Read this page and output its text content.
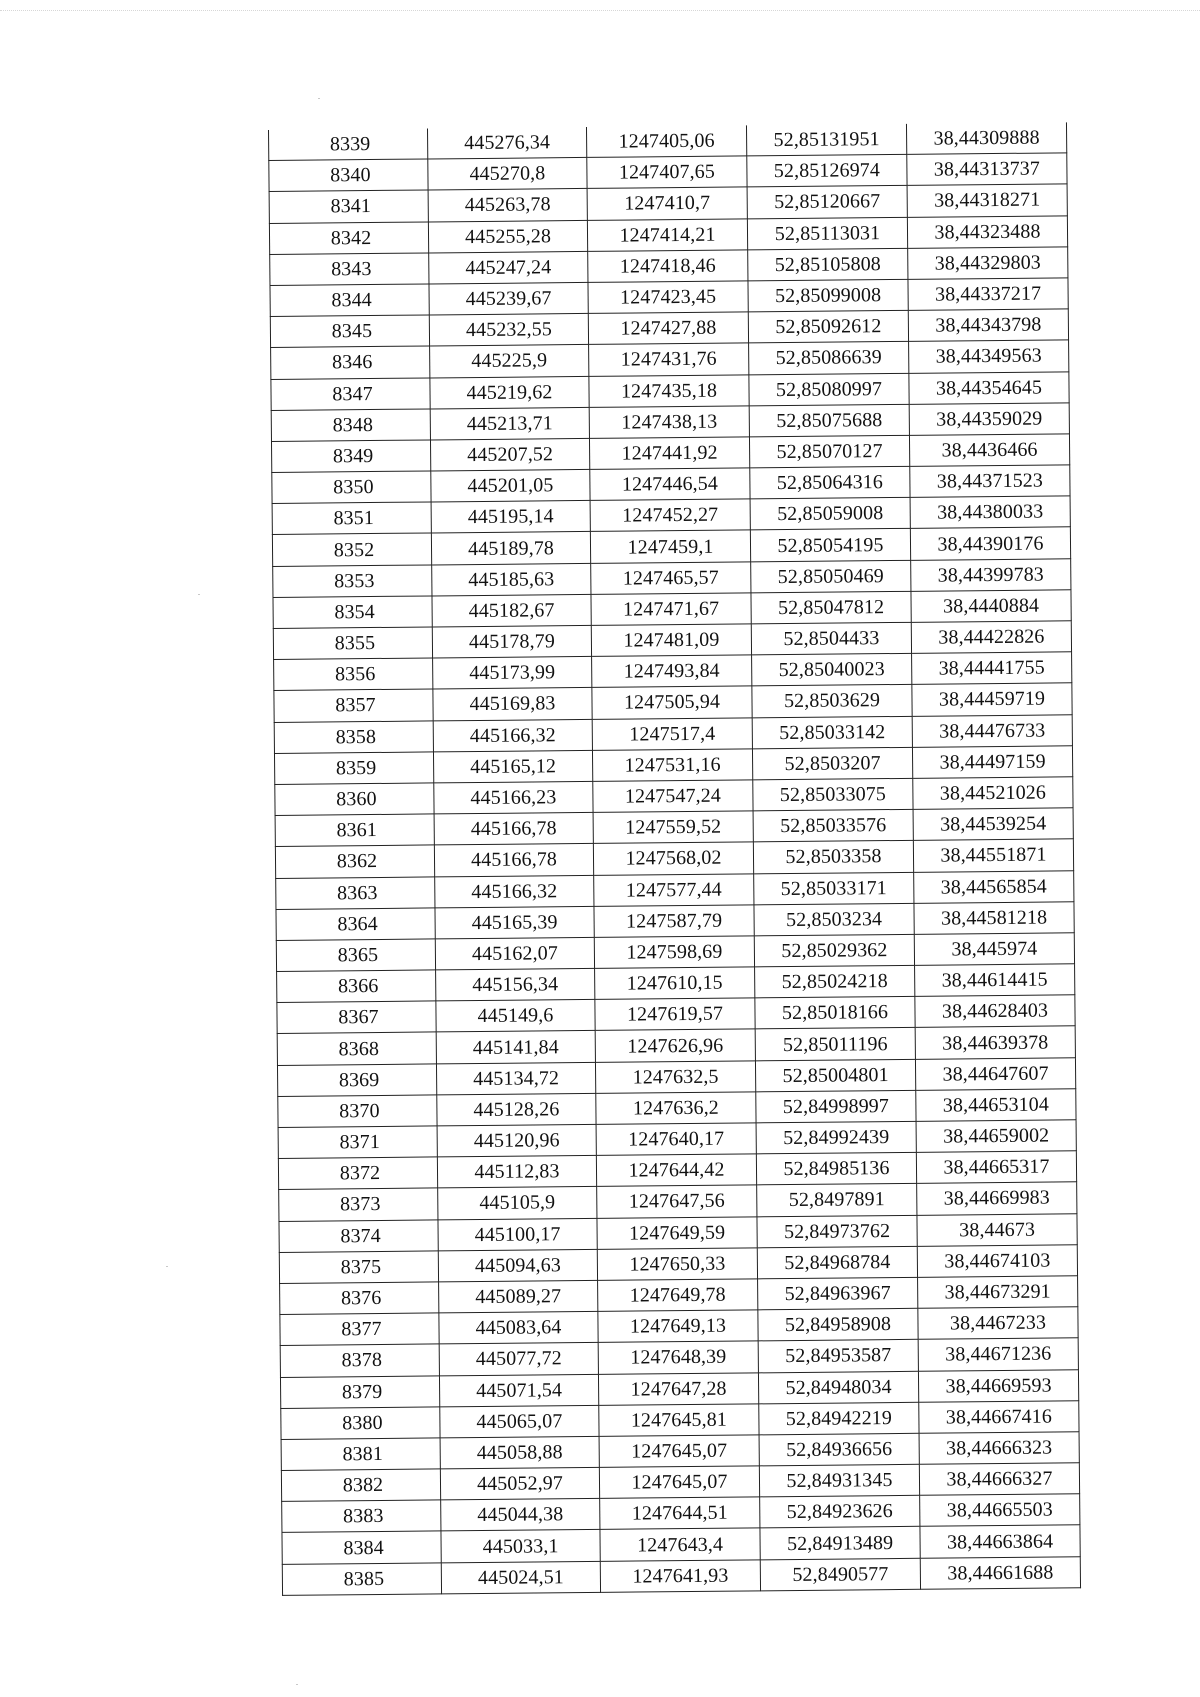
8339	445276,34	1247405,06	52,85131951	38,44309888
8340	445270,8	1247407,65	52,85126974	38,44313737
8341	445263,78	1247410,7	52,85120667	38,44318271
8342	445255,28	1247414,21	52,85113031	38,44323488
8343	445247,24	1247418,46	52,85105808	38,44329803
8344	445239,67	1247423,45	52,85099008	38,44337217
8345	445232,55	1247427,88	52,85092612	38,44343798
8346	445225,9	1247431,76	52,85086639	38,44349563
8347	445219,62	1247435,18	52,85080997	38,44354645
8348	445213,71	1247438,13	52,85075688	38,44359029
8349	445207,52	1247441,92	52,85070127	38,4436466
8350	445201,05	1247446,54	52,85064316	38,44371523
8351	445195,14	1247452,27	52,85059008	38,44380033
8352	445189,78	1247459,1	52,85054195	38,44390176
8353	445185,63	1247465,57	52,85050469	38,44399783
8354	445182,67	1247471,67	52,85047812	38,4440884
8355	445178,79	1247481,09	52,8504433	38,44422826
8356	445173,99	1247493,84	52,85040023	38,44441755
8357	445169,83	1247505,94	52,8503629	38,44459719
8358	445166,32	1247517,4	52,85033142	38,44476733
8359	445165,12	1247531,16	52,8503207	38,44497159
8360	445166,23	1247547,24	52,85033075	38,44521026
8361	445166,78	1247559,52	52,85033576	38,44539254
8362	445166,78	1247568,02	52,8503358	38,44551871
8363	445166,32	1247577,44	52,85033171	38,44565854
8364	445165,39	1247587,79	52,8503234	38,44581218
8365	445162,07	1247598,69	52,85029362	38,445974
8366	445156,34	1247610,15	52,85024218	38,44614415
8367	445149,6	1247619,57	52,85018166	38,44628403
8368	445141,84	1247626,96	52,85011196	38,44639378
8369	445134,72	1247632,5	52,85004801	38,44647607
8370	445128,26	1247636,2	52,84998997	38,44653104
8371	445120,96	1247640,17	52,84992439	38,44659002
8372	445112,83	1247644,42	52,84985136	38,44665317
8373	445105,9	1247647,56	52,8497891	38,44669983
8374	445100,17	1247649,59	52,84973762	38,44673
8375	445094,63	1247650,33	52,84968784	38,44674103
8376	445089,27	1247649,78	52,84963967	38,44673291
8377	445083,64	1247649,13	52,84958908	38,4467233
8378	445077,72	1247648,39	52,84953587	38,44671236
8379	445071,54	1247647,28	52,84948034	38,44669593
8380	445065,07	1247645,81	52,84942219	38,44667416
8381	445058,88	1247645,07	52,84936656	38,44666323
8382	445052,97	1247645,07	52,84931345	38,44666327
8383	445044,38	1247644,51	52,84923626	38,44665503
8384	445033,1	1247643,4	52,84913489	38,44663864
8385	445024,51	1247641,93	52,8490577	38,44661688
